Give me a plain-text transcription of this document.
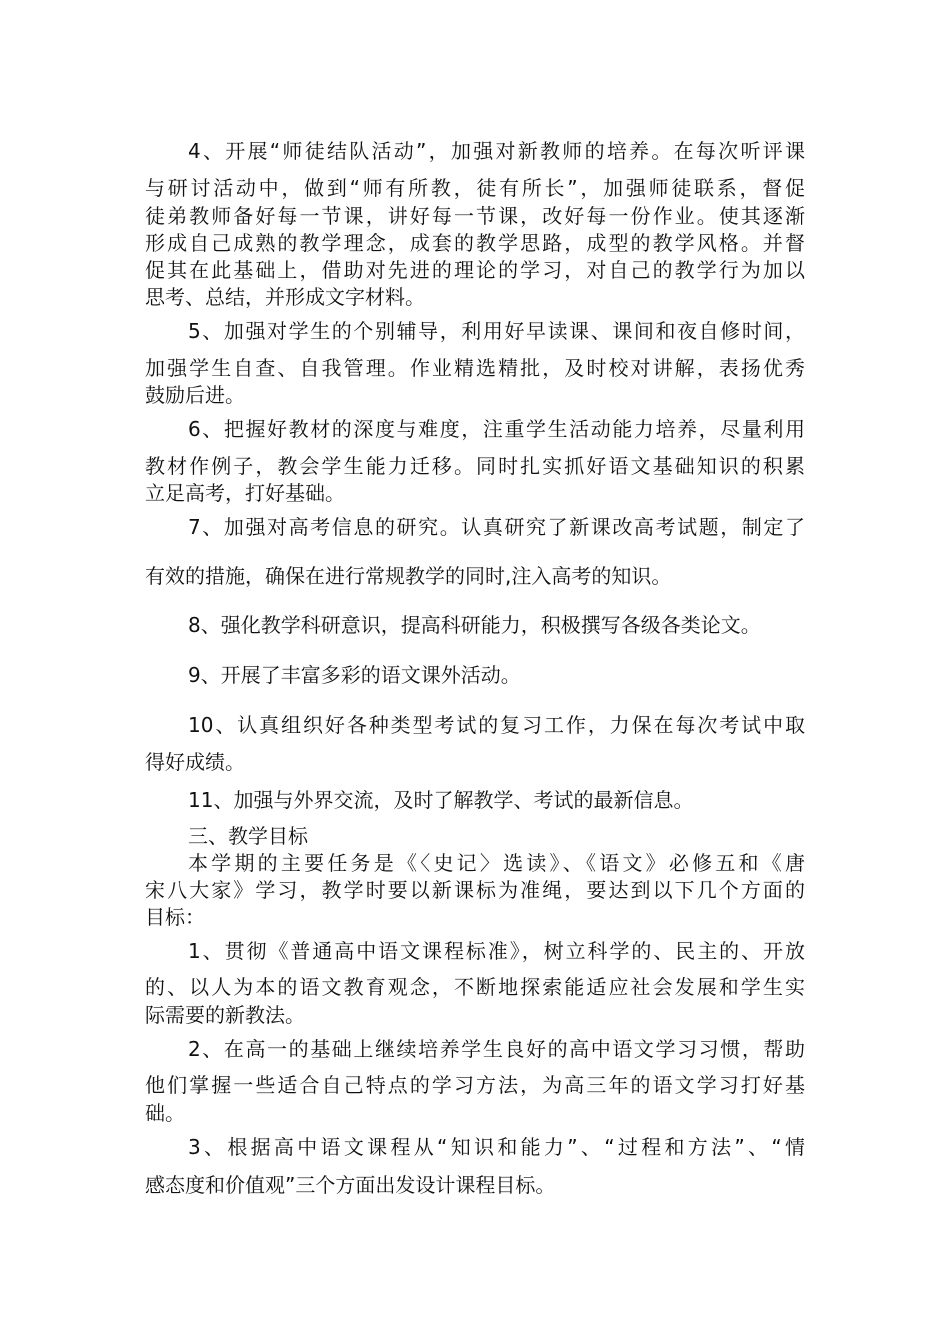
4、开展“师徒结队活动”，加强对新教师的培养。在每次听评课
与研讨活动中，做到“师有所教，徒有所长”，加强师徒联系，督促
徒弟教师备好每一节课，讲好每一节课，改好每一份作业。使其逐渐
形成自己成熟的教学理念，成套的教学思路，成型的教学风格。并督
促其在此基础上，借助对先进的理论的学习，对自己的教学行为加以
思考、总结，并形成文字材料。
5、加强对学生的个别辅导，利用好早读课、课间和夜自修时间，
加强学生自查、自我管理。作业精选精批，及时校对讲解，表扬优秀
鼓励后进。
6、把握好教材的深度与难度，注重学生活动能力培养，尽量利用
教材作例子，教会学生能力迁移。同时扎实抓好语文基础知识的积累
立足高考，打好基础。
7、加强对高考信息的研究。认真研究了新课改高考试题，制定了
有效的措施，确保在进行常规教学的同时,注入高考的知识。
8、强化教学科研意识，提高科研能力，积极撰写各级各类论文。
9、开展了丰富多彩的语文课外活动。
10、认真组织好各种类型考试的复习工作，力保在每次考试中取
得好成绩。
11、加强与外界交流，及时了解教学、考试的最新信息。
三、教学目标
本学期的主要任务是《〈史记〉选读》、《语文》必修五和《唐
宋八大家》学习，教学时要以新课标为准绳，要达到以下几个方面的
目标：
1、贯彻《普通高中语文课程标准》，树立科学的、民主的、开放
的、以人为本的语文教育观念，不断地探索能适应社会发展和学生实
际需要的新教法。
2、在高一的基础上继续培养学生良好的高中语文学习习惯，帮助
他们掌握一些适合自己特点的学习方法，为高三年的语文学习打好基
础。
3、根据高中语文课程从“知识和能力”、“过程和方法”、“情
感态度和价值观”三个方面出发设计课程目标。
